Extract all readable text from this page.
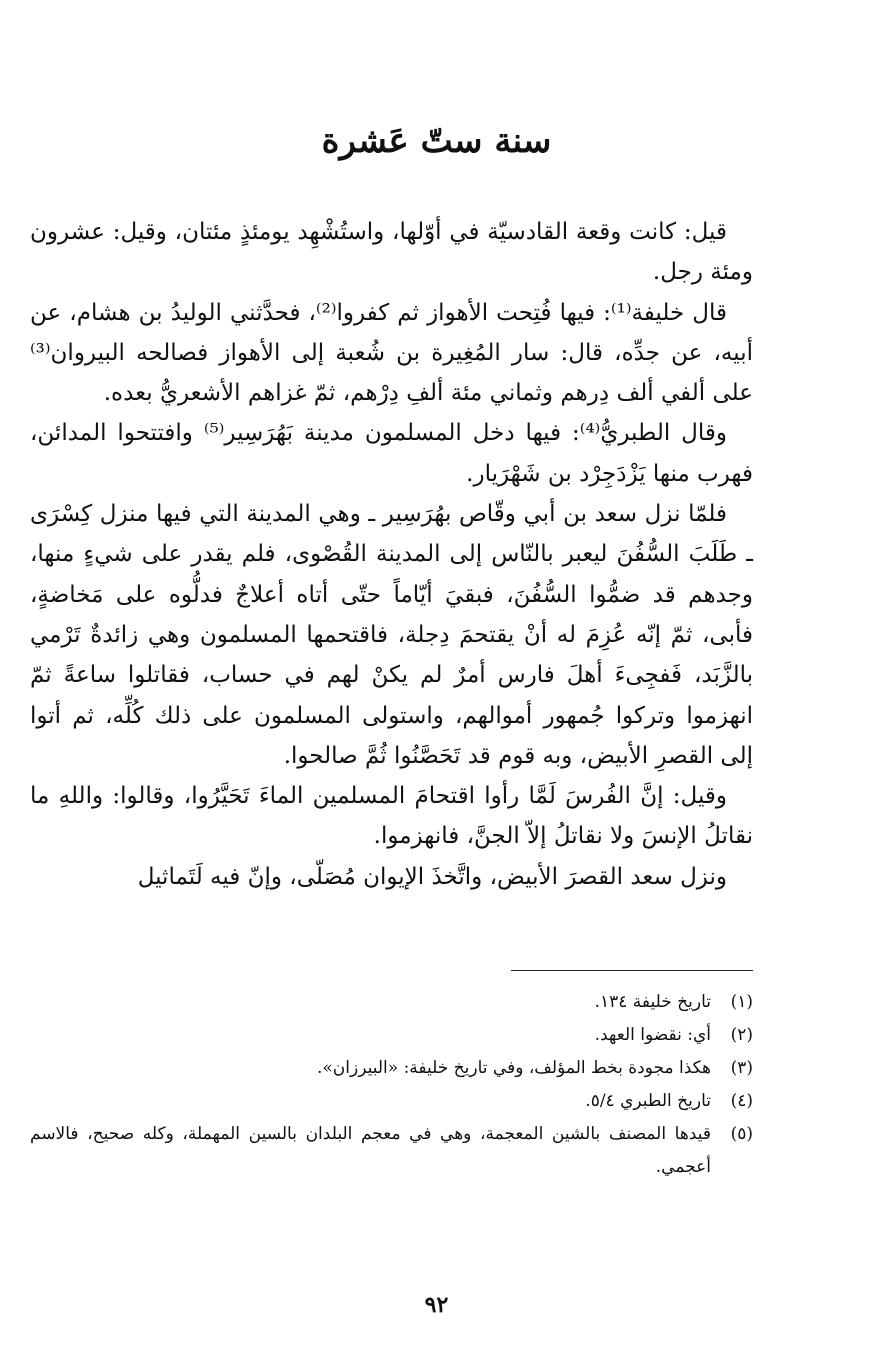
سنة ستّ عَشرة

قيل: كانت وقعة القادسيّة في أوّلها، واستُشْهِد يومئذٍ مئتان، وقيل: عشرون ومئة رجل.

قال خليفة⁽¹⁾: فيها فُتِحت الأهواز ثم كفروا⁽²⁾، فحدَّثني الوليدُ بن هشام، عن أبيه، عن جدِّه، قال: سار المُغِيرة بن شُعبة إلى الأهواز فصالحه البيروان⁽³⁾ على ألفي ألف دِرهم وثماني مئة ألفِ دِرْهم، ثمّ غزاهم الأشعريُّ بعده.

وقال الطبريُّ⁽⁴⁾: فيها دخل المسلمون مدينة بَهُرَسِير⁽⁵⁾ وافتتحوا المدائن، فهرب منها يَزْدَجِرْد بن شَهْرَيار.

فلمّا نزل سعد بن أبي وقّاص بهُرَسِير ـ وهي المدينة التي فيها منزل كِسْرَى ـ طَلَبَ السُّفُنَ ليعبر بالنّاس إلى المدينة القُصْوى، فلم يقدر على شيءٍ منها، وجدهم قد ضمُّوا السُّفُنَ، فبقيَ أيّاماً حتّى أتاه أعلاجٌ فدلُّوه على مَخاضةٍ، فأبى، ثمّ إنّه عُزِمَ له أنْ يقتحمَ دِجلة، فاقتحمها المسلمون وهي زائدةٌ تَرْمي بالزَّبَد، فَفجِىءَ أهلَ فارس أمرٌ لم يكنْ لهم في حساب، فقاتلوا ساعةً ثمّ انهزموا وتركوا جُمهور أموالهم، واستولى المسلمون على ذلك كُلِّه، ثم أتوا إلى القصرِ الأبيض، وبه قوم قد تَحَصَّنُوا ثُمَّ صالحوا.

وقيل: إنَّ الفُرسَ لَمَّا رأوا اقتحامَ المسلمين الماءَ تَحَيَّرُوا، وقالوا: واللهِ ما نقاتلُ الإنسَ ولا نقاتلُ إلاّ الجنَّ، فانهزموا.

ونزل سعد القصرَ الأبيض، واتَّخذَ الإيوان مُصَلّى، وإنّ فيه لَتَماثيل

(١)
تاريخ خليفة ١٣٤.
(٢)
أي: نقضوا العهد.
(٣)
هكذا مجودة بخط المؤلف، وفي تاريخ خليفة: «البيرزان».
(٤)
تاريخ الطبري ٥/٤.
(٥)
قيدها المصنف بالشين المعجمة، وهي في معجم البلدان بالسين المهملة، وكله صحيح، فالاسم أعجمي.
٩٢
